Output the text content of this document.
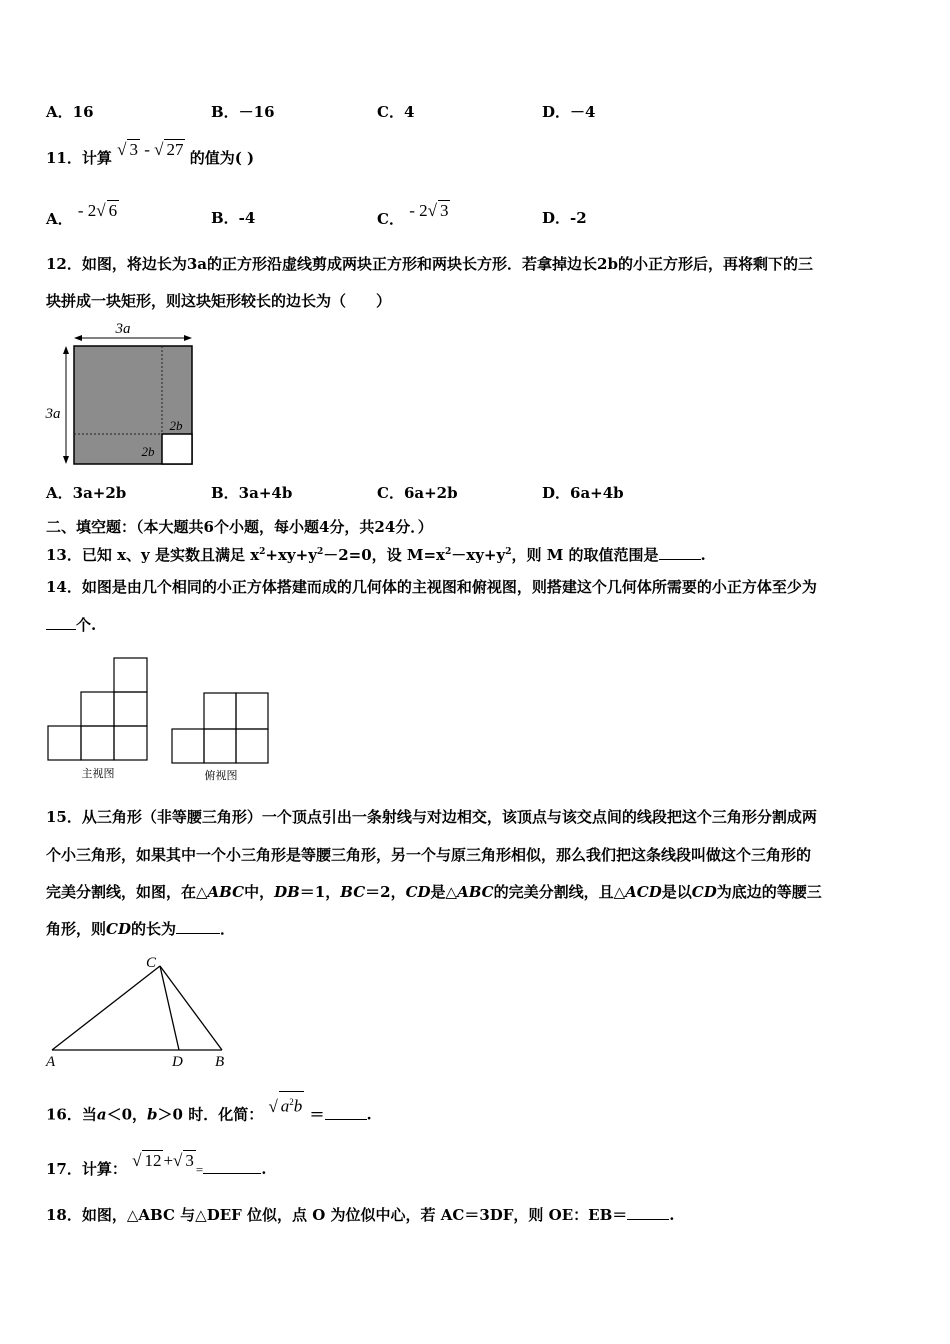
A．16	B．－16	C．4	D．－4
11．计算 √ 3 - √ 27 的值为( )
A． - 2√ 6	B．-4	C． - 2√ 3	D．-2
12．如图，将边长为3a的正方形沿虚线剪成两块正方形和两块长方形．若拿掉边长2b的小正方形后，再将剩下的三
块拼成一块矩形，则这块矩形较长的边长为（　　）
3a
3a
2b
2b
A．3a+2b	B．3a+4b	C．6a+2b	D．6a+4b
二、填空题：（本大题共6个小题，每小题4分，共24分．）
13．已知 x、y 是实数且满足 $x^2+xy+y^2-2=0$，设 $M=x^2-xy+y^2$，则 M 的取值范围是	.
14．如图是由几个相同的小正方体搭建而成的几何体的主视图和俯视图，则搭建这个几何体所需要的小正方体至少为
个.
主视图	俯视图
15．从三角形（非等腰三角形）一个顶点引出一条射线与对边相交，该顶点与该交点间的线段把这个三角形分割成两
个小三角形，如果其中一个小三角形是等腰三角形，另一个与原三角形相似，那么我们把这条线段叫做这个三角形的
完美分割线，如图，在△ABC中，DB＝1，BC＝2，CD是△ABC的完美分割线，且△ACD是以CD为底边的等腰三
角形，则CD的长为	．
C
A	D B
16．当a＜0，b＞0 时．化简： √ $a^2b$ ＝	.
17．计算： √ 12 +√ 3 =	.
18．如图，△ABC 与△DEF 位似，点 O 为位似中心，若 AC＝3DF，则 OE：EB＝	.
